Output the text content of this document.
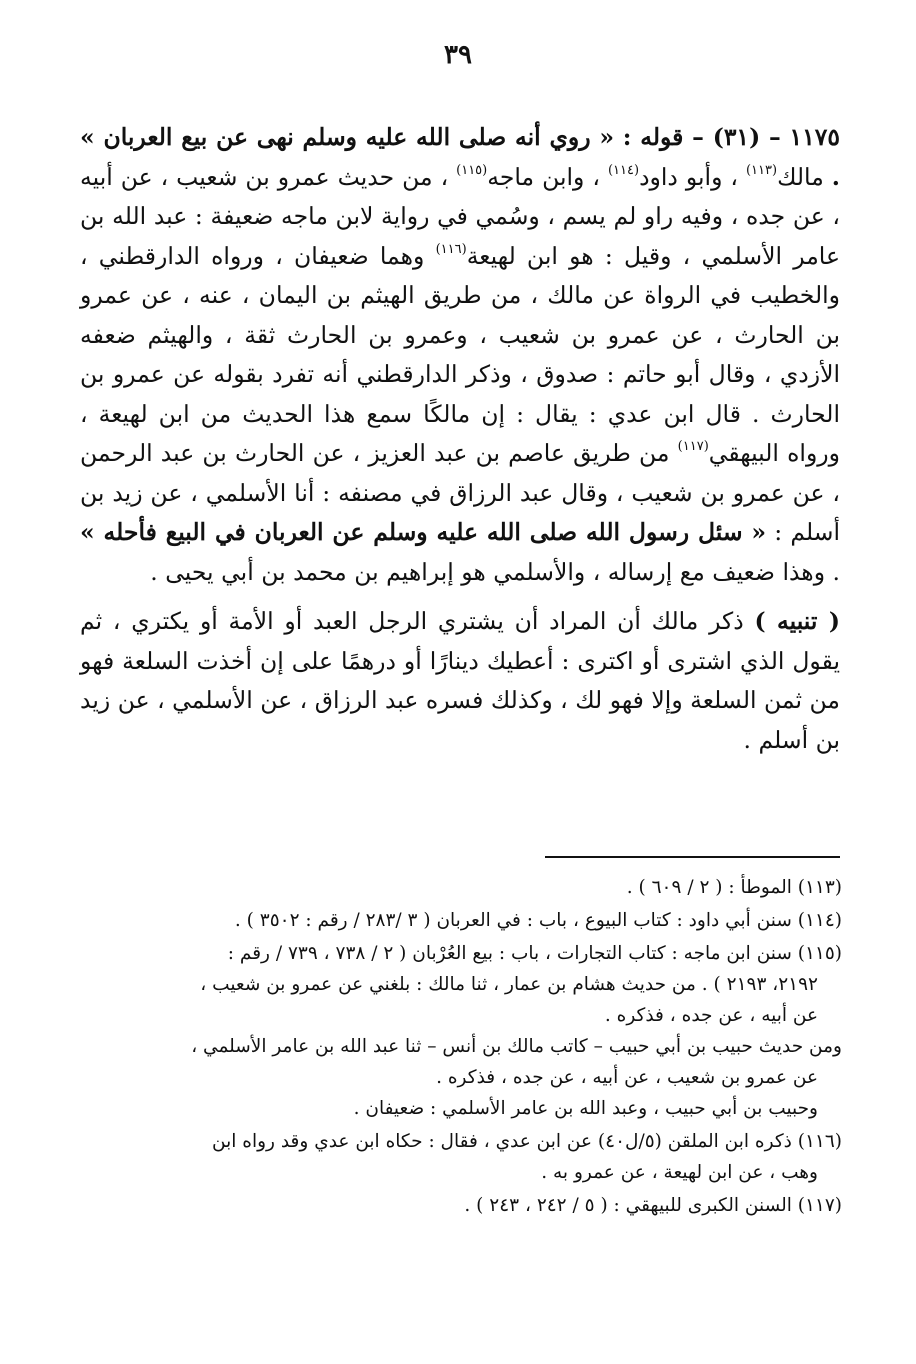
٣٩

١١٧٥ – (٣١) – قوله : « روي أنه صلى الله عليه وسلم نهى عن بيع العربان » . مالك$^{(١١٣)}$ ، وأبو داود$^{(١١٤)}$ ، وابن ماجه$^{(١١٥)}$ ، من حديث عمرو بن شعيب ، عن أبيه ، عن جده ، وفيه راو لم يسم ، وسُمي في رواية لابن ماجه ضعيفة : عبد الله بن عامر الأسلمي ، وقيل : هو ابن لهيعة$^{(١١٦)}$ وهما ضعيفان ، ورواه الدارقطني ، والخطيب في الرواة عن مالك ، من طريق الهيثم بن اليمان ، عنه ، عن عمرو بن الحارث ، عن عمرو بن شعيب ، وعمرو بن الحارث ثقة ، والهيثم ضعفه الأزدي ، وقال أبو حاتم : صدوق ، وذكر الدارقطني أنه تفرد بقوله عن عمرو بن الحارث . قال ابن عدي : يقال : إن مالكًا سمع هذا الحديث من ابن لهيعة ، ورواه البيهقي$^{(١١٧)}$ من طريق عاصم بن عبد العزيز ، عن الحارث بن عبد الرحمن ، عن عمرو بن شعيب ، وقال عبد الرزاق في مصنفه : أنا الأسلمي ، عن زيد بن أسلم : « سئل رسول الله صلى الله عليه وسلم عن العربان في البيع فأحله » . وهذا ضعيف مع إرساله ، والأسلمي هو إبراهيم بن محمد بن أبي يحيى .

( تنبيه ) ذكر مالك أن المراد أن يشتري الرجل العبد أو الأمة أو يكتري ، ثم يقول الذي اشترى أو اكترى : أعطيك دينارًا أو درهمًا على إن أخذت السلعة فهو من ثمن السلعة وإلا فهو لك ، وكذلك فسره عبد الرزاق ، عن الأسلمي ، عن زيد بن أسلم .

(١١٣) الموطأ : ( ٢ / ٦٠٩ ) .
(١١٤) سنن أبي داود : كتاب البيوع ، باب : في العربان ( ٣ /٢٨٣ / رقم : ٣٥٠٢ ) .
(١١٥) سنن ابن ماجه : كتاب التجارات ، باب : بيع العُرْبان ( ٢ / ٧٣٨ ، ٧٣٩ / رقم :
٢١٩٢، ٢١٩٣ ) . من حديث هشام بن عمار ، ثنا مالك : بلغني عن عمرو بن شعيب ،
عن أبيه ، عن جده ، فذكره .
ومن حديث حبيب بن أبي حبيب – كاتب مالك بن أنس – ثنا عبد الله بن عامر الأسلمي ،
عن عمرو بن شعيب ، عن أبيه ، عن جده ، فذكره .
وحبيب بن أبي حبيب ، وعبد الله بن عامر الأسلمي : ضعيفان .
(١١٦) ذكره ابن الملقن (٥/ل٤٠) عن ابن عدي ، فقال : حكاه ابن عدي وقد رواه ابن
وهب ، عن ابن لهيعة ، عن عمرو به .
(١١٧) السنن الكبرى للبيهقي : ( ٥ / ٢٤٢ ، ٢٤٣ ) .
